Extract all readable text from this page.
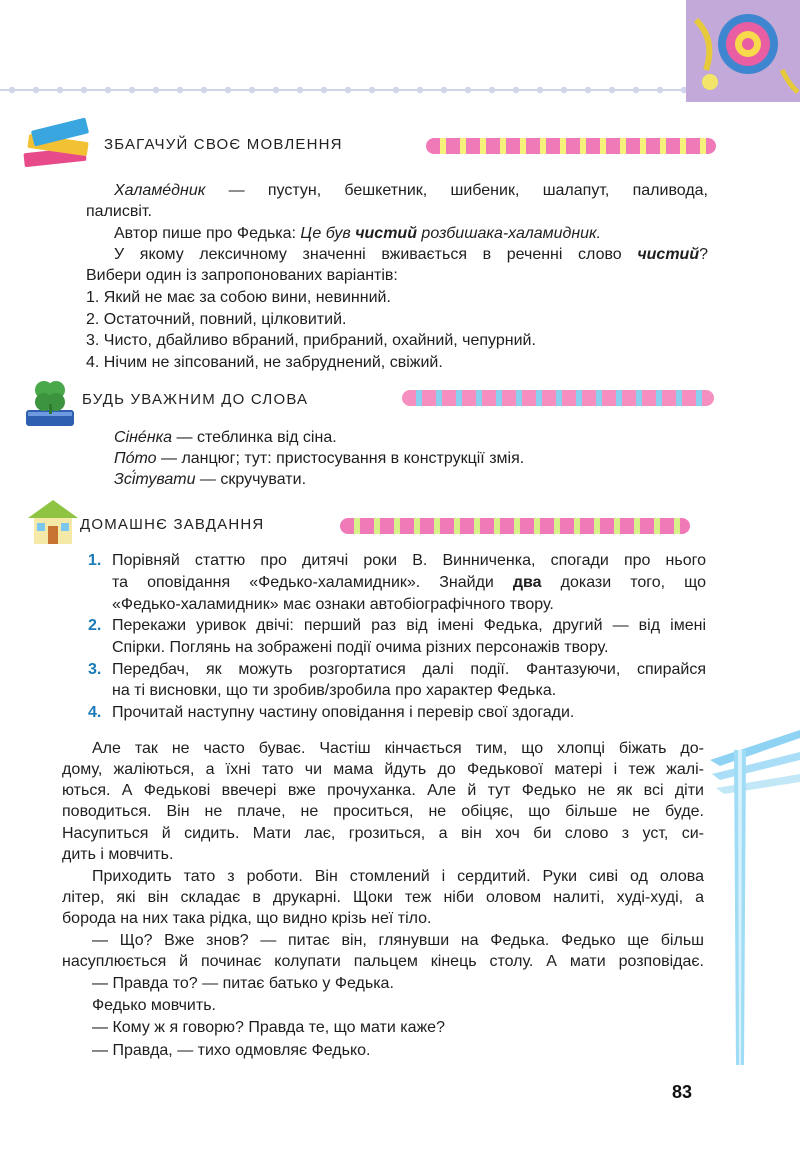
ЗБАГАЧУЙ СВОЄ МОВЛЕННЯ
Халамéдник — пустун, бешкетник, шибеник, шалапут, паливода,
палисвіт.
Автор пише про Федька: Це був чистий розбишака-халамидник.
У якому лексичному значенні вживається в реченні слово чистий?
Вибери один із запропонованих варіантів:
1. Який не має за собою вини, невинний.
2. Остаточний, повний, цілковитий.
3. Чисто, дбайливо вбраний, прибраний, охайний, чепурний.
4. Нічим не зіпсований, не забруднений, свіжий.
БУДЬ УВАЖНИМ ДО СЛОВА
Сінéнка — стеблинка від сіна.
Пóто — ланцюг; тут: пристосування в конструкції змія.
Зсі́тувати — скручувати.
ДОМАШНЄ ЗАВДАННЯ
1. Порівняй статтю про дитячі роки В. Винниченка, спогади про нього
та оповідання «Федько-халамидник». Знайди два докази того, що
«Федько-халамидник» має ознаки автобіографічного твору.
2. Перекажи уривок двічі: перший раз від імені Федька, другий — від імені
Спірки. Поглянь на зображені події очима різних персонажів твору.
3. Передбач, як можуть розгортатися далі події. Фантазуючи, спирайся
на ті висновки, що ти зробив/зробила про характер Федька.
4. Прочитай наступну частину оповідання і перевір свої здогади.
Але так не часто буває. Частіш кінчається тим, що хлопці біжать до-
дому, жаліються, а їхні тато чи мама йдуть до Федькової матері і теж жалі-
ються. А Федькові ввечері вже прочуханка. Але й тут Федько не як всі діти
поводиться. Він не плаче, не проситься, не обіцяє, що більше не буде.
Насупиться й сидить. Мати лає, грозиться, а він хоч би слово з уст, си-
дить і мовчить.
Приходить тато з роботи. Він стомлений і сердитий. Руки сиві од олова
літер, які він складає в друкарні. Щоки теж ніби оловом налиті, худі-худі, а
борода на них така рідка, що видно крізь неї тіло.
— Що? Вже знов? — питає він, глянувши на Федька. Федько ще більш
насуплюється й починає колупати пальцем кінець столу. А мати розповідає.
— Правда то? — питає батько у Федька.
Федько мовчить.
— Кому ж я говорю? Правда те, що мати каже?
— Правда, — тихо одмовляє Федько.
83
